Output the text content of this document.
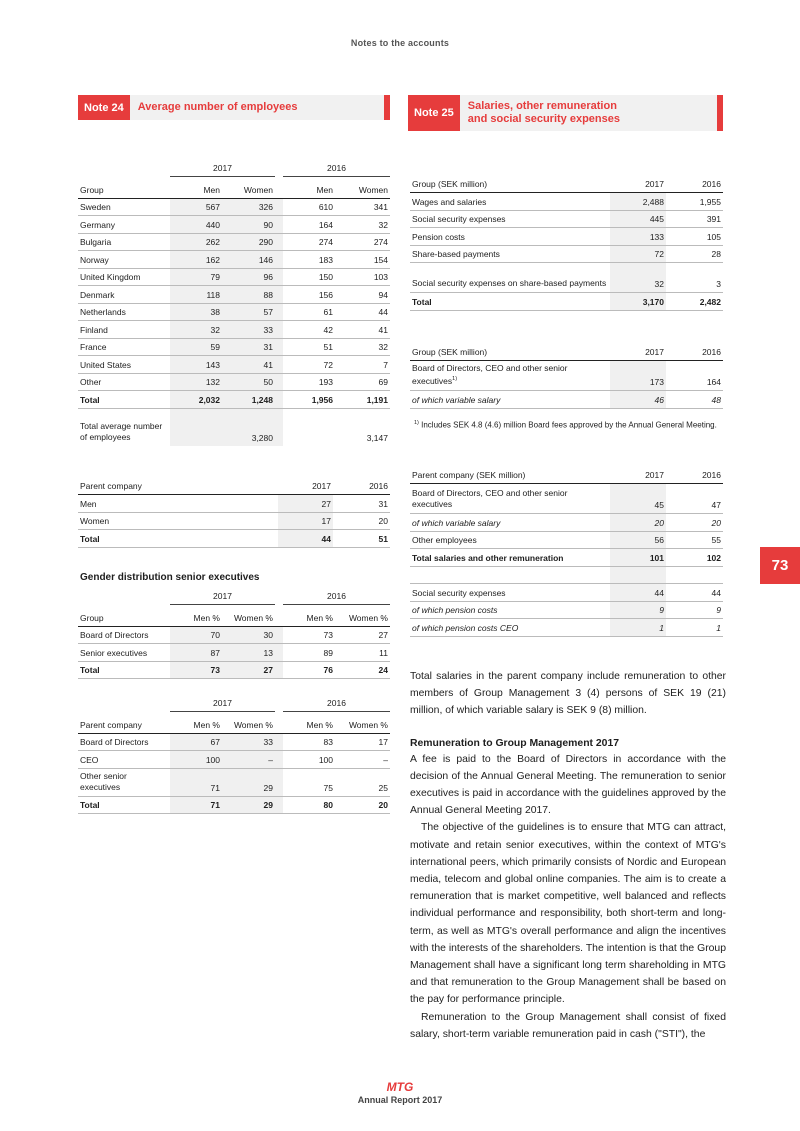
Notes to the accounts
Note 24	Average number of employees	Note 25
Salaries, other remuneration
and social security expenses
	2017			2016	
Group	Men	Women		Men	Women
Sweden	567	326		610	341
Germany	440	90		164	32
Bulgaria	262	290		274	274
Norway	162	146		183	154
United Kingdom	79	96		150	103
Denmark	118	88		156	94
Netherlands	38	57		61	44
Finland	32	33		42	41
France	59	31		51	32
United States	143	41		72	7
Other	132	50		193	69
Total	2,032	1,248		1,956	1,191
Total average number of employees		3,280			3,147
Parent company	2017	2016
Men	27	31
Women	17	20
Total	44	51
Gender distribution senior executives
	2017			2016	
Group	Men %	Women %		Men %	Women %
Board of Directors	70	30		73	27
Senior executives	87	13		89	11
Total	73	27		76	24
	2017			2016	
Parent company	Men %	Women %		Men %	Women %
Board of Directors	67	33		83	17
CEO	100	–		100	–
Other senior executives	71	29		75	25
Total	71	29		80	20
Group (SEK million)	2017	2016
Wages and salaries	2,488	1,955
Social security expenses	445	391
Pension costs	133	105
Share-based payments	72	28
Social security expenses on share-based payments	32	3
Total	3,170	2,482
Group (SEK million)	2017	2016
Board of Directors, CEO and other senior executives$^{1)}$	173	164
of which variable salary	46	48
$^{1)}$ Includes SEK 4.8 (4.6) million Board fees approved by the Annual General Meeting.
Parent company (SEK million)	2017	2016
Board of Directors, CEO and other senior executives	45	47
of which variable salary	20	20
Other employees	56	55
Total salaries and other remuneration	101	102

Social security expenses	44	44
of which pension costs	9	9
of which pension costs CEO	1	1

Total salaries in the parent company include remuneration to other members of Group Management 3 (4) persons of SEK 19 (21) million, of which variable salary is SEK 9 (8) million.

Remuneration to Group Management 2017

A fee is paid to the Board of Directors in accordance with the decision of the Annual General Meeting. The remuneration to senior executives is paid in accordance with the guidelines approved by the Annual General Meeting 2017.

The objective of the guidelines is to ensure that MTG can attract, motivate and retain senior executives, within the context of MTG's international peers, which primarily consists of Nordic and European media, telecom and global online companies. The aim is to create a remuneration that is market competitive, well balanced and reflects individual performance and responsibility, both short-term and long-term, as well as MTG's overall performance and align the incentives with the interests of the shareholders. The intention is that the Group Management shall have a significant long term shareholding in MTG and that remuneration to the Group Management shall be based on the pay for performance principle.

Remuneration to the Group Management shall consist of fixed salary, short-term variable remuneration paid in cash ("STI"), the

73
MTG
Annual Report 2017
